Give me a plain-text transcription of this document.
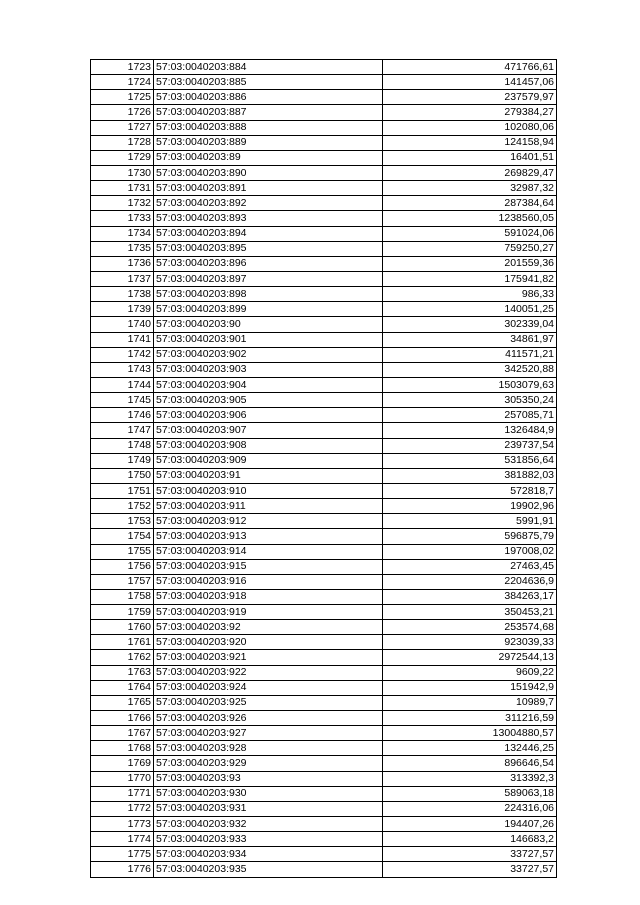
1723	57:03:0040203:884	471766,61
1724	57:03:0040203:885	141457,06
1725	57:03:0040203:886	237579,97
1726	57:03:0040203:887	279384,27
1727	57:03:0040203:888	102080,06
1728	57:03:0040203:889	124158,94
1729	57:03:0040203:89	16401,51
1730	57:03:0040203:890	269829,47
1731	57:03:0040203:891	32987,32
1732	57:03:0040203:892	287384,64
1733	57:03:0040203:893	1238560,05
1734	57:03:0040203:894	591024,06
1735	57:03:0040203:895	759250,27
1736	57:03:0040203:896	201559,36
1737	57:03:0040203:897	175941,82
1738	57:03:0040203:898	986,33
1739	57:03:0040203:899	140051,25
1740	57:03:0040203:90	302339,04
1741	57:03:0040203:901	34861,97
1742	57:03:0040203:902	411571,21
1743	57:03:0040203:903	342520,88
1744	57:03:0040203:904	1503079,63
1745	57:03:0040203:905	305350,24
1746	57:03:0040203:906	257085,71
1747	57:03:0040203:907	1326484,9
1748	57:03:0040203:908	239737,54
1749	57:03:0040203:909	531856,64
1750	57:03:0040203:91	381882,03
1751	57:03:0040203:910	572818,7
1752	57:03:0040203:911	19902,96
1753	57:03:0040203:912	5991,91
1754	57:03:0040203:913	596875,79
1755	57:03:0040203:914	197008,02
1756	57:03:0040203:915	27463,45
1757	57:03:0040203:916	2204636,9
1758	57:03:0040203:918	384263,17
1759	57:03:0040203:919	350453,21
1760	57:03:0040203:92	253574,68
1761	57:03:0040203:920	923039,33
1762	57:03:0040203:921	2972544,13
1763	57:03:0040203:922	9609,22
1764	57:03:0040203:924	151942,9
1765	57:03:0040203:925	10989,7
1766	57:03:0040203:926	311216,59
1767	57:03:0040203:927	13004880,57
1768	57:03:0040203:928	132446,25
1769	57:03:0040203:929	896646,54
1770	57:03:0040203:93	313392,3
1771	57:03:0040203:930	589063,18
1772	57:03:0040203:931	224316,06
1773	57:03:0040203:932	194407,26
1774	57:03:0040203:933	146683,2
1775	57:03:0040203:934	33727,57
1776	57:03:0040203:935	33727,57
